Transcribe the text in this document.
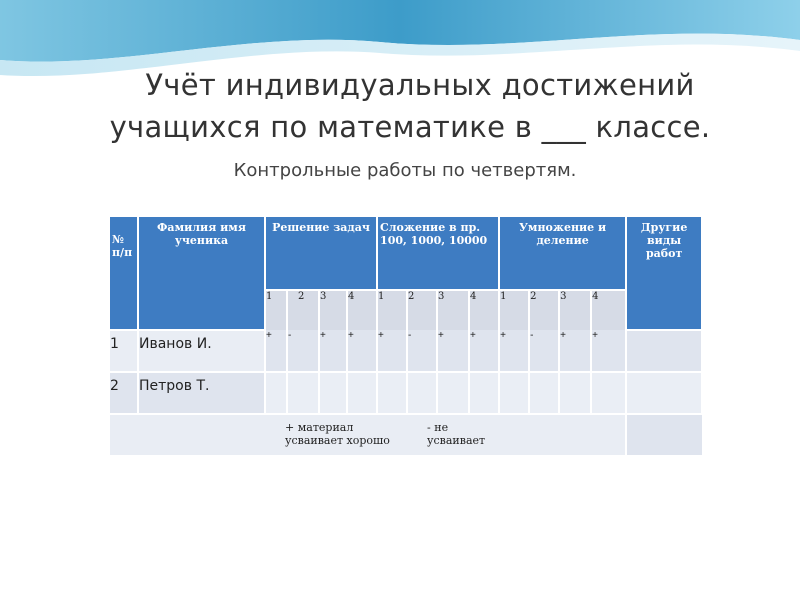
Учёт индивидуальных достижений
учащихся по математике в ___ классе.
Контрольные работы по четвертям.
№ п/п	Фамилия имя ученика	Решение задач				Сложение в пр. 100, 1000, 10000				Умножение и деление				Другие виды работ
		1	2	3	4	1	2	3	4	1	2	3	4	
1	Иванов И.	+	-	+	+	+	-	+	+	+	-	+	+	
2	Петров Т.													
		+ материал усваивает хорошо					- не усваивает							
